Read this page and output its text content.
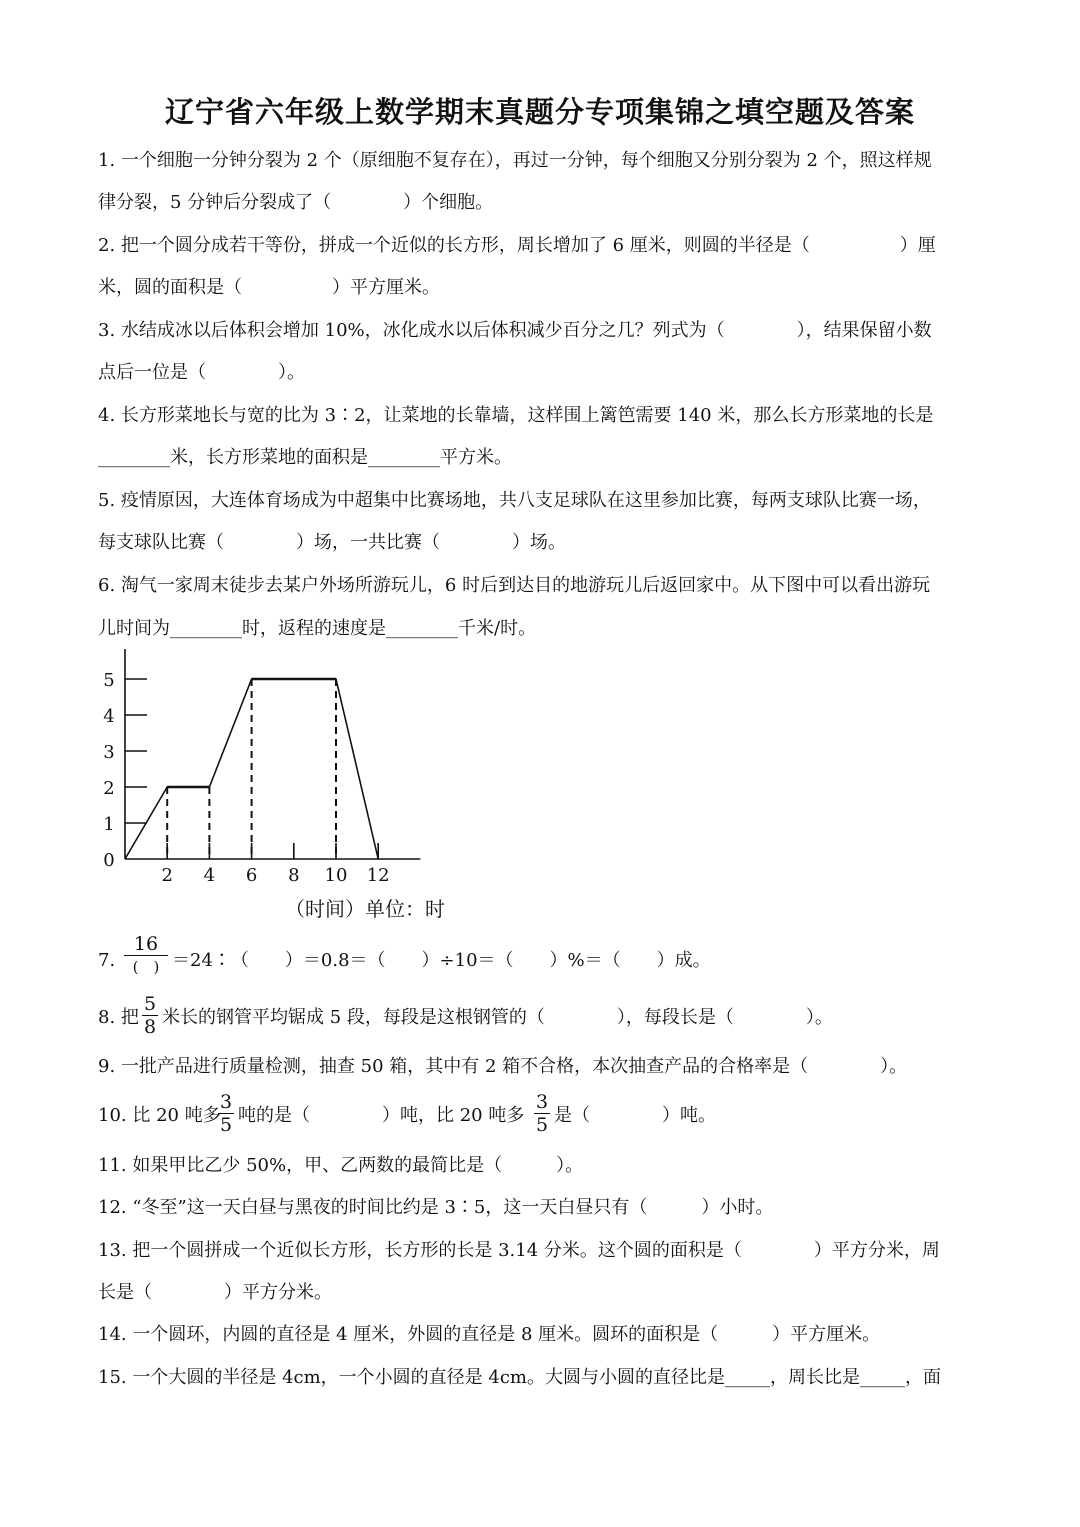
辽宁省六年级上数学期末真题分专项集锦之填空题及答案
1. 一个细胞一分钟分裂为 2 个（原细胞不复存在），再过一分钟，每个细胞又分别分裂为 2 个，照这样规
律分裂，5 分钟后分裂成了（　　　　）个细胞。
2. 把一个圆分成若干等份，拼成一个近似的长方形，周长增加了 6 厘米，则圆的半径是（　　　　　）厘
米，圆的面积是（　　　　　）平方厘米。
3. 水结成冰以后体积会增加 10%，冰化成水以后体积减少百分之几？列式为（　　　　），结果保留小数
点后一位是（　　　　）。
4. 长方形菜地长与宽的比为 3∶2，让菜地的长靠墙，这样围上篱笆需要 140 米，那么长方形菜地的长是
________米，长方形菜地的面积是________平方米。
5. 疫情原因，大连体育场成为中超集中比赛场地，共八支足球队在这里参加比赛，每两支球队比赛一场，
每支球队比赛（　　　　）场，一共比赛（　　　　）场。
6. 淘气一家周末徒步去某户外场所游玩儿，6 时后到达目的地游玩儿后返回家中。从下图中可以看出游玩
儿时间为________时，返程的速度是________千米/时。
0
1
2
3
4
5
2 4 6 8 10 12
（时间）单位：时
7.
16
(　) ＝24∶（　　）＝0.8＝（　　）÷10＝（　　）%＝（　　）成。
8. 把 $\frac{5}{8}$ 米长的钢管平均锯成 5 段，每段是这根钢管的（　　　　），每段长是（　　　　）。
9. 一批产品进行质量检测，抽查 50 箱，其中有 2 箱不合格，本次抽查产品的合格率是（　　　　）。
10. 比 20 吨多
$\frac{3}{5}$ 吨的是（　　　　）吨，比 20 吨多 $\frac{3}{5}$ 是（　　　　）吨。
11. 如果甲比乙少 50%，甲、乙两数的最简比是（　　　）。
12. “冬至”这一天白昼与黑夜的时间比约是 3∶5，这一天白昼只有（　　　）小时。
13. 把一个圆拼成一个近似长方形，长方形的长是 3.14 分米。这个圆的面积是（　　　　）平方分米，周
长是（　　　　）平方分米。
14. 一个圆环，内圆的直径是 4 厘米，外圆的直径是 8 厘米。圆环的面积是（　　　）平方厘米。
15. 一个大圆的半径是 4cm，一个小圆的直径是 4cm。大圆与小圆的直径比是_____，周长比是_____，面
